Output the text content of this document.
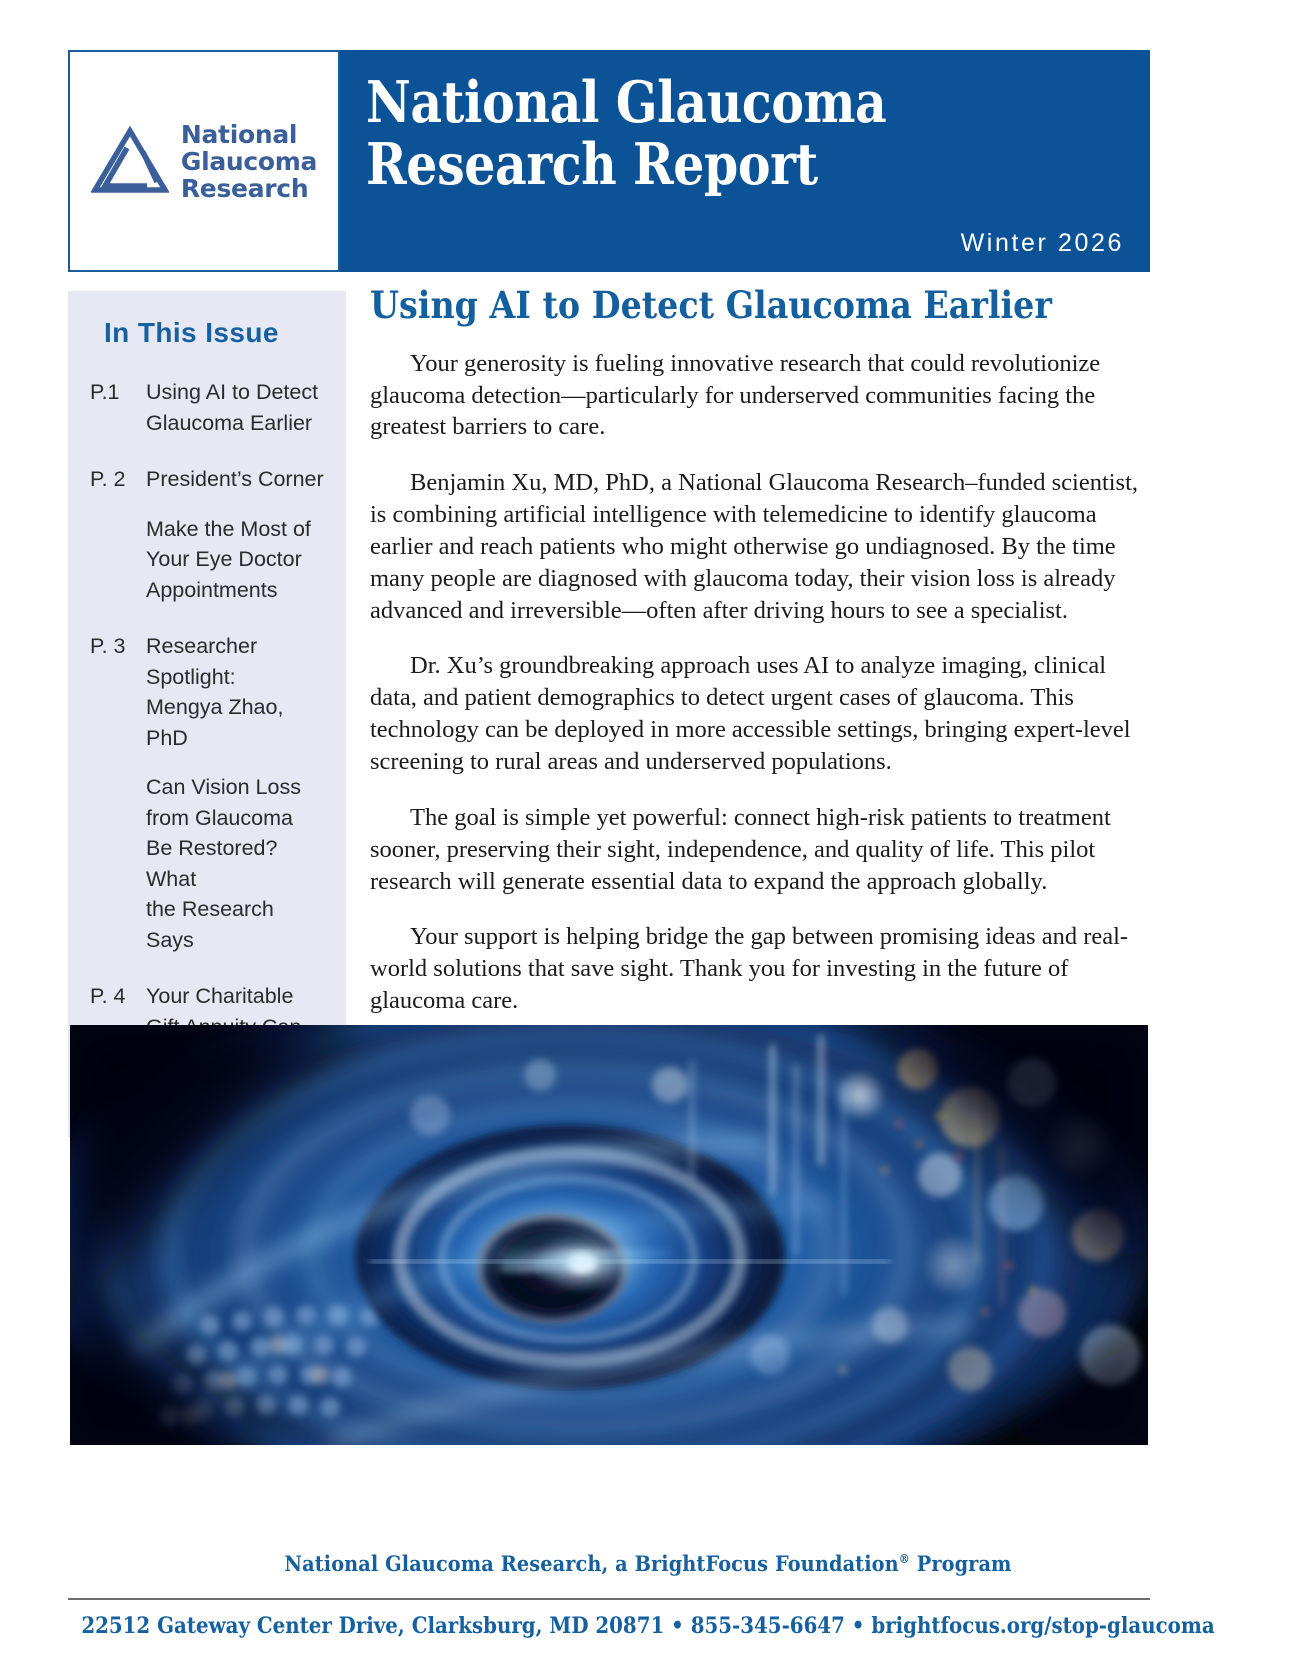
National
Glaucoma
Research
National Glaucoma
Research Report
Winter 2026
In This Issue
P.1	Using AI to Detect
Glaucoma Earlier
P. 2 President’s Corner
Make the Most of
Your Eye Doctor
Appointments
P. 3 Researcher
Spotlight:
Mengya Zhao, PhD
Can Vision Loss
from Glaucoma
Be Restored? What
the Research Says
P. 4 Your Charitable
Using AI to Detect Glaucoma Earlier

Your generosity is fueling innovative research that could revolutionize glaucoma detection—particularly for underserved communities facing the greatest barriers to care.

Benjamin Xu, MD, PhD, a National Glaucoma Research–funded scientist, is combining artificial intelligence with telemedicine to identify glaucoma earlier and reach patients who might otherwise go undiagnosed. By the time many people are diagnosed with glaucoma today, their vision loss is already advanced and irreversible—often after driving hours to see a specialist.

Dr. Xu’s groundbreaking approach uses AI to analyze imaging, clinical data, and patient demographics to detect urgent cases of glaucoma. This technology can be deployed in more accessible settings, bringing expert-level screening to rural areas and underserved populations.

The goal is simple yet powerful: connect high-risk patients to treatment sooner, preserving their sight, independence, and quality of life. This pilot research will generate essential data to expand the approach globally.

Your support is helping bridge the gap between promising ideas and real-world solutions that save sight. Thank you for investing in the future of glaucoma care.

National Glaucoma Research, a BrightFocus Foundation® Program
22512 Gateway Center Drive, Clarksburg, MD 20871 • 855-345-6647 • brightfocus.org/stop-glaucoma
